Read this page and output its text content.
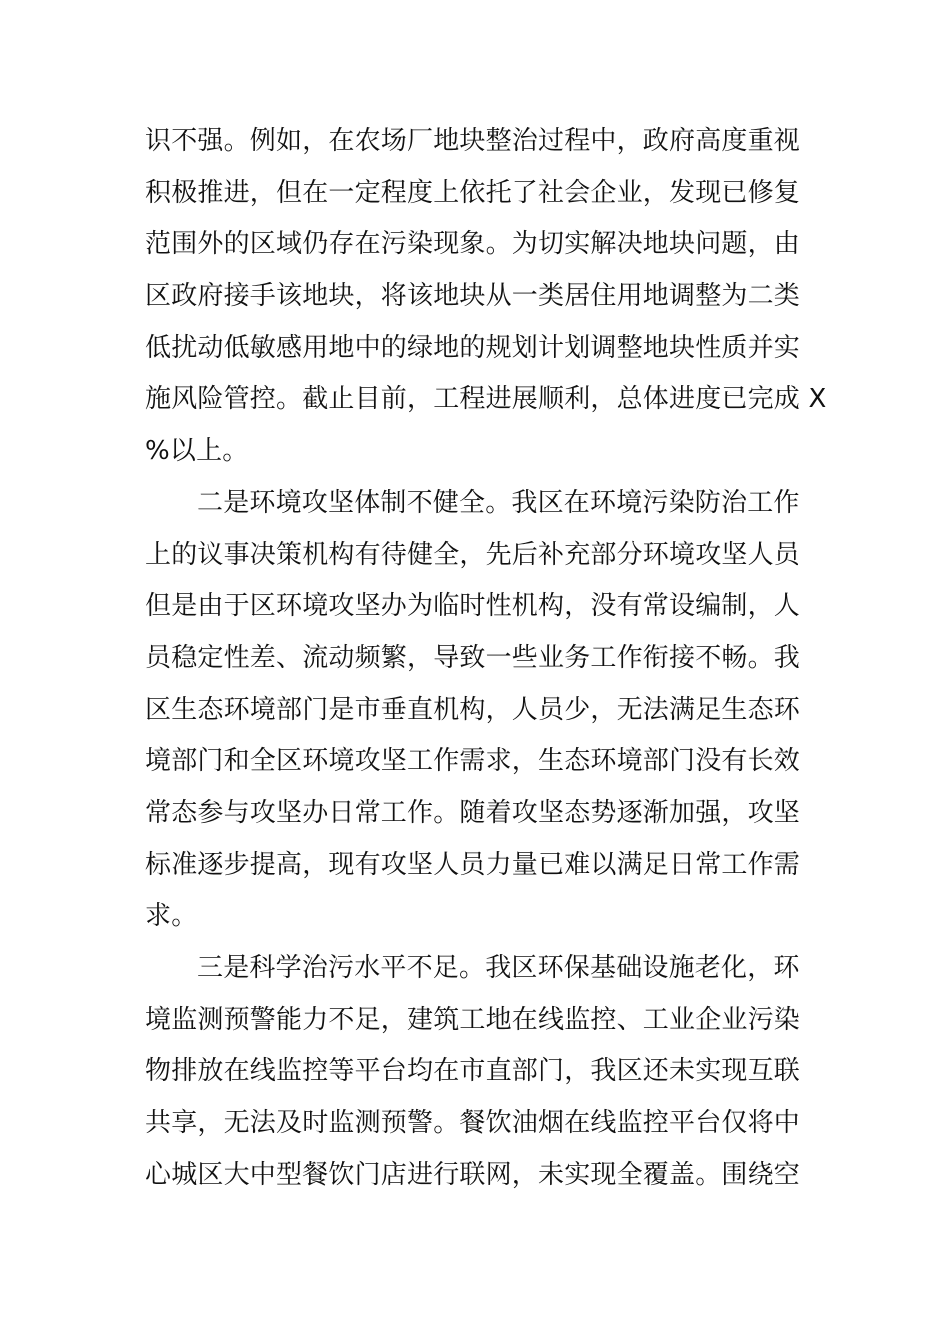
识不强。例如，在农场厂地块整治过程中，政府高度重视
积极推进，但在一定程度上依托了社会企业，发现已修复
范围外的区域仍存在污染现象。为切实解决地块问题，由
区政府接手该地块，将该地块从一类居住用地调整为二类
低扰动低敏感用地中的绿地的规划计划调整地块性质并实
施风险管控。截止目前，工程进展顺利，总体进度已完成 X
%以上。
二是环境攻坚体制不健全。我区在环境污染防治工作
上的议事决策机构有待健全，先后补充部分环境攻坚人员
但是由于区环境攻坚办为临时性机构，没有常设编制，人
员稳定性差、流动频繁，导致一些业务工作衔接不畅。我
区生态环境部门是市垂直机构，人员少，无法满足生态环
境部门和全区环境攻坚工作需求，生态环境部门没有长效
常态参与攻坚办日常工作。随着攻坚态势逐渐加强，攻坚
标准逐步提高，现有攻坚人员力量已难以满足日常工作需
求。
三是科学治污水平不足。我区环保基础设施老化，环
境监测预警能力不足，建筑工地在线监控、工业企业污染
物排放在线监控等平台均在市直部门，我区还未实现互联
共享，无法及时监测预警。餐饮油烟在线监控平台仅将中
心城区大中型餐饮门店进行联网，未实现全覆盖。围绕空
